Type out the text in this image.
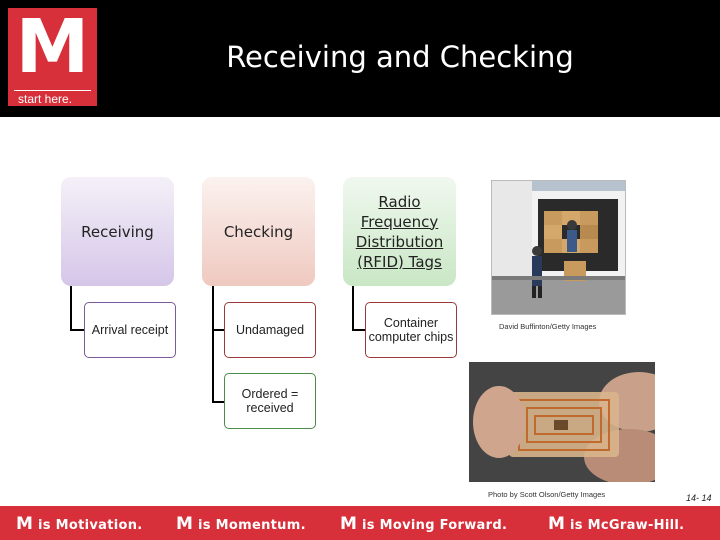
M
start here.
Receiving and Checking
Receiving	Checking
Radio Frequency Distribution (RFID) Tags
Arrival receipt	Undamaged
Ordered = received
Container computer chips
David Buffinton/Getty Images
Photo by Scott Olson/Getty Images	14- 14
M is Motivation. M is Momentum. M is Moving Forward. M is McGraw-Hill.
